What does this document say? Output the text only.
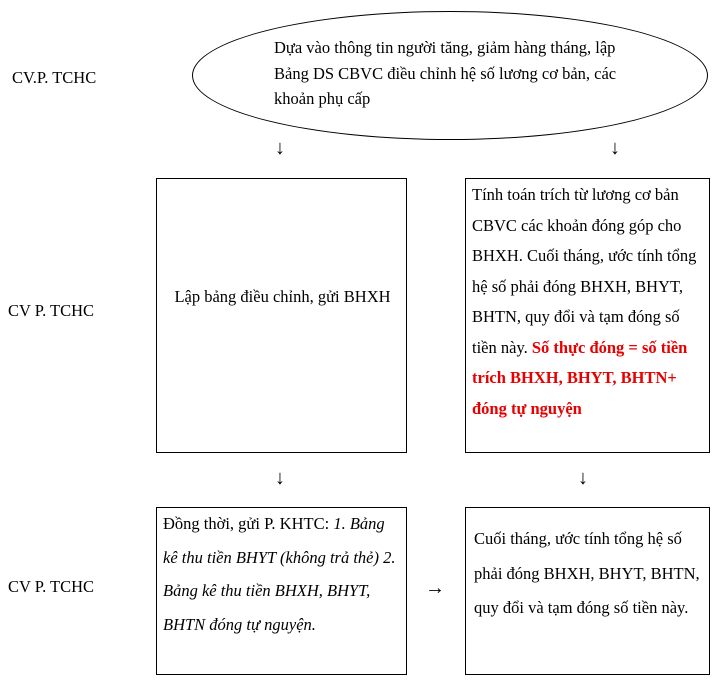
CV.P. TCHC
CV P. TCHC
CV P. TCHC
Dựa vào thông tin người tăng, giảm hàng tháng, lập Bảng DS CBVC điều chỉnh hệ số lương cơ bản, các khoản phụ cấp
↓	↓
Lập bảng điều chỉnh, gửi BHXH
Tính toán trích từ lương cơ bản CBVC các khoản đóng góp cho BHXH. Cuối tháng, ước tính tổng hệ số phải đóng BHXH, BHYT, BHTN, quy đổi và tạm đóng số tiền này. Số thực đóng = số tiền trích BHXH, BHYT, BHTN+ đóng tự nguyện
↓	↓
Đồng thời, gửi P. KHTC: 1. Bảng kê thu tiền BHYT (không trả thẻ) 2. Bảng kê thu tiền BHXH, BHYT, BHTN đóng tự nguyện.
→
Cuối tháng, ước tính tổng hệ số phải đóng BHXH, BHYT, BHTN, quy đổi và tạm đóng số tiền này.
